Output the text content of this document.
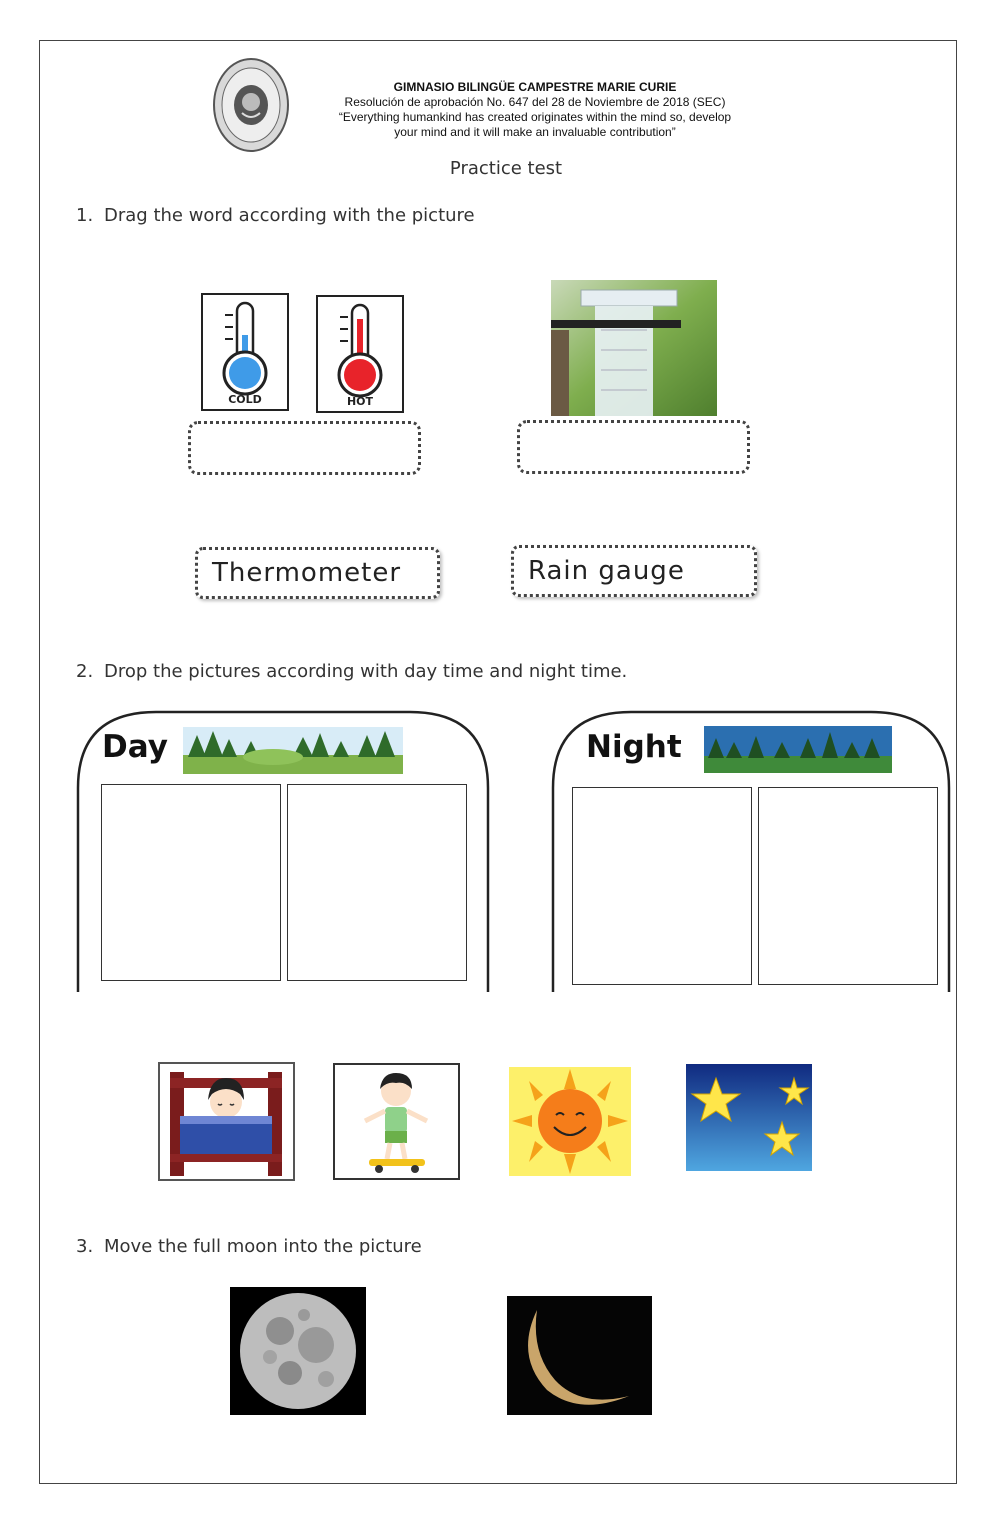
GIMNASIO BILINGÜE CAMPESTRE MARIE CURIE
Resolución de aprobación No. 647 del 28 de Noviembre de 2018 (SEC)
“Everything humankind has created originates within the mind so, develop
your mind and it will make an invaluable contribution”
Practice test
1. Drag the word according with the picture
COLD	HOT
Thermometer	Rain gauge
2. Drop the pictures according with day time and night time.
Day	Night
3. Move the full moon into the picture
